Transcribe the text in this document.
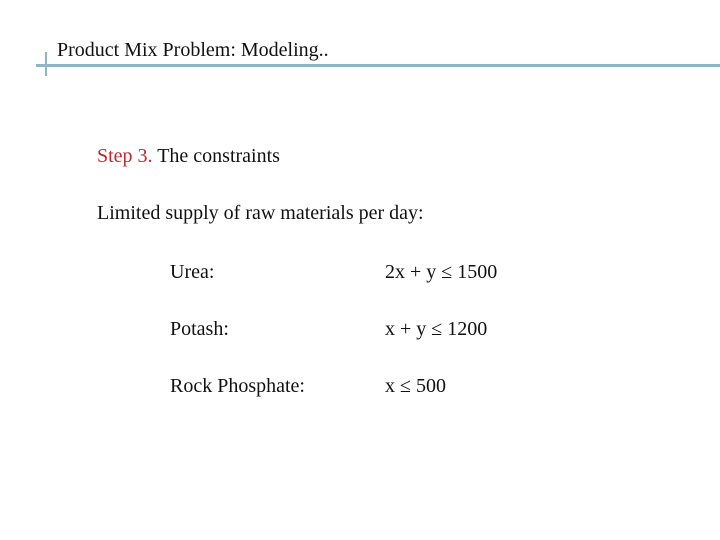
Product Mix Problem: Modeling..
Step 3. The constraints
Limited supply of raw materials per day:
Urea:	2x + y ≤ 1500
Potash:	x + y ≤ 1200
Rock Phosphate:	x ≤ 500
